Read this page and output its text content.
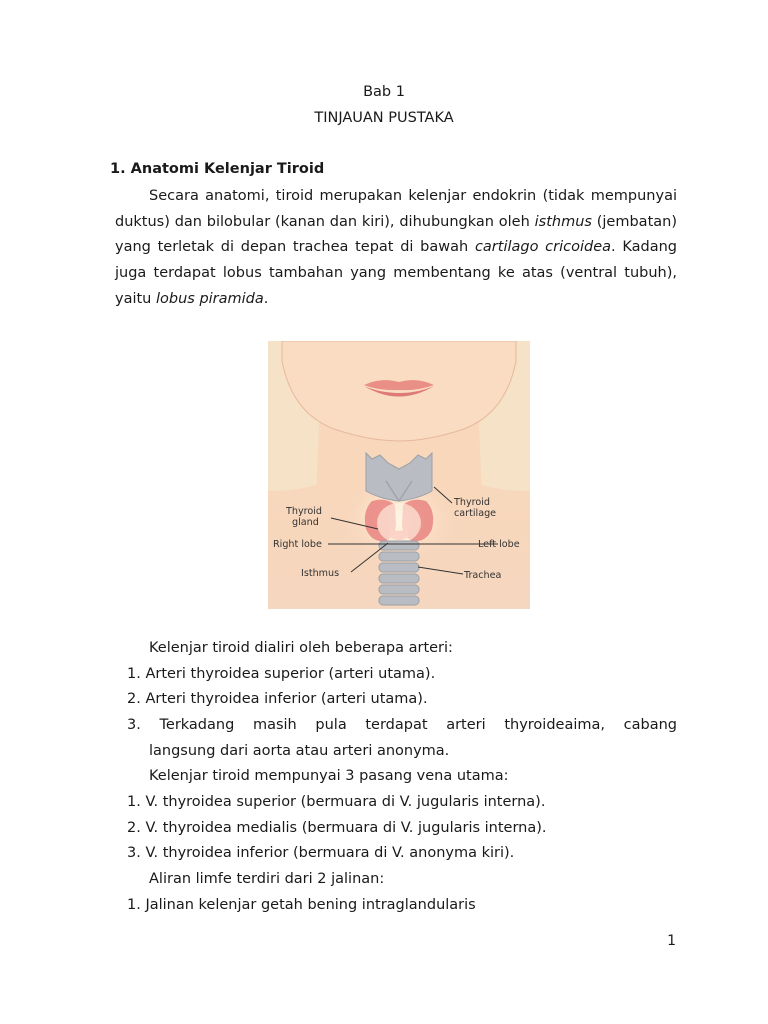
Bab 1
TINJAUAN PUSTAKA
1. Anatomi Kelenjar Tiroid

Secara anatomi, tiroid merupakan kelenjar endokrin (tidak mempunyai duktus) dan bilobular (kanan dan kiri), dihubungkan oleh isthmus (jembatan) yang terletak di depan trachea tepat di bawah cartilago cricoidea. Kadang juga terdapat lobus tambahan yang membentang ke atas (ventral tubuh), yaitu lobus piramida.

Thyroid
gland
Thyroid
cartilage
Right lobe	Left lobe
Isthmus	Trachea
Kelenjar tiroid dialiri oleh beberapa arteri:
1. Arteri thyroidea superior (arteri utama).
2. Arteri thyroidea inferior (arteri utama).
3. Terkadang masih pula terdapat arteri thyroideaima, cabang
langsung dari aorta atau arteri anonyma.
Kelenjar tiroid mempunyai 3 pasang vena utama:
1. V. thyroidea superior (bermuara di V. jugularis interna).
2. V. thyroidea medialis (bermuara di V. jugularis interna).
3. V. thyroidea inferior (bermuara di V. anonyma kiri).
Aliran limfe terdiri dari 2 jalinan:
1. Jalinan kelenjar getah bening intraglandularis
1
